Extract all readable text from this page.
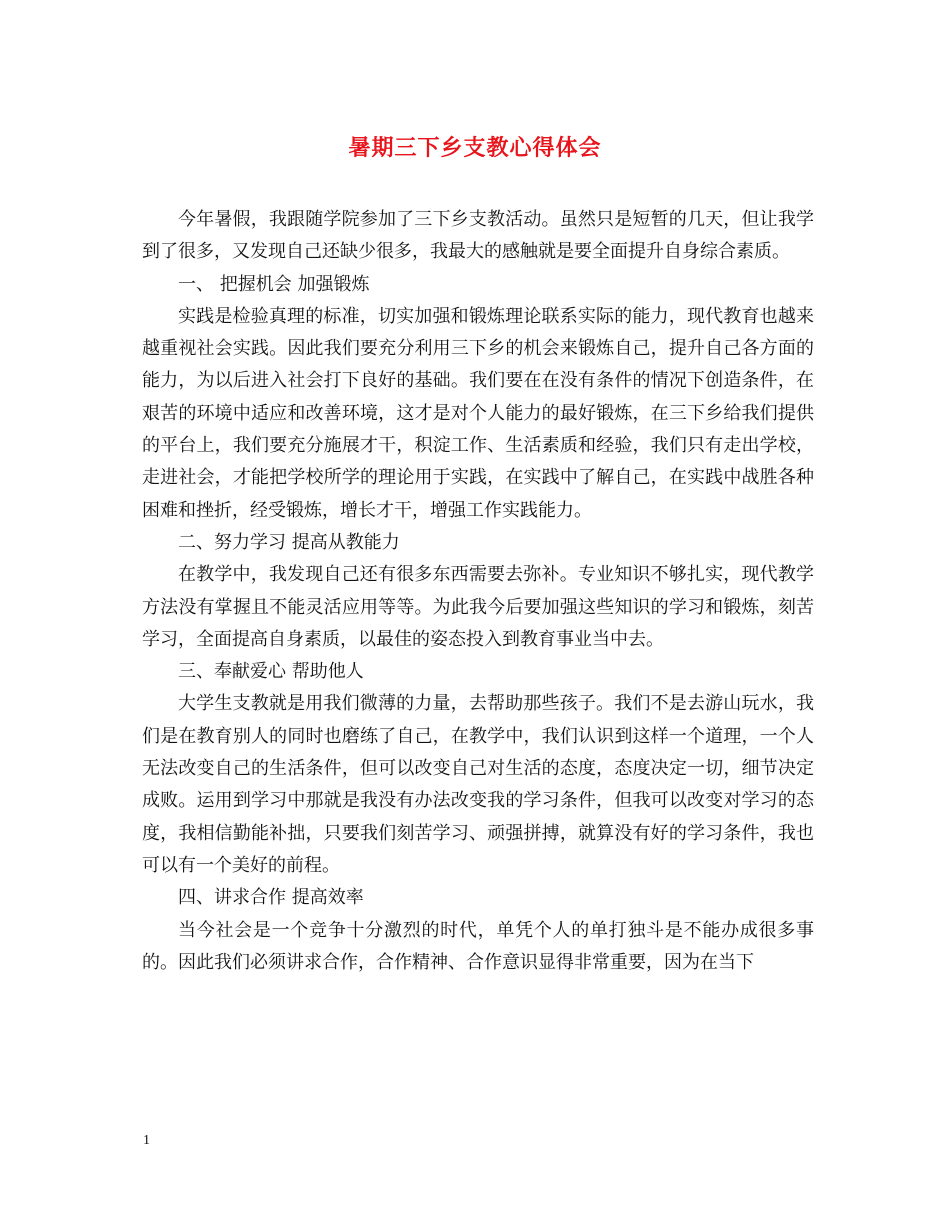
暑期三下乡支教心得体会

今年暑假，我跟随学院参加了三下乡支教活动。虽然只是短暂的几天，但让我学到了很多，又发现自己还缺少很多，我最大的感触就是要全面提升自身综合素质。

一、 把握机会 加强锻炼

实践是检验真理的标准，切实加强和锻炼理论联系实际的能力，现代教育也越来越重视社会实践。因此我们要充分利用三下乡的机会来锻炼自己，提升自己各方面的能力，为以后进入社会打下良好的基础。我们要在在没有条件的情况下创造条件，在艰苦的环境中适应和改善环境，这才是对个人能力的最好锻炼，在三下乡给我们提供的平台上，我们要充分施展才干，积淀工作、生活素质和经验，我们只有走出学校，走进社会，才能把学校所学的理论用于实践，在实践中了解自己，在实践中战胜各种困难和挫折，经受锻炼，增长才干，增强工作实践能力。

二、努力学习 提高从教能力

在教学中，我发现自己还有很多东西需要去弥补。专业知识不够扎实，现代教学方法没有掌握且不能灵活应用等等。为此我今后要加强这些知识的学习和锻炼，刻苦学习，全面提高自身素质，以最佳的姿态投入到教育事业当中去。

三、奉献爱心 帮助他人

大学生支教就是用我们微薄的力量，去帮助那些孩子。我们不是去游山玩水，我们是在教育别人的同时也磨练了自己，在教学中，我们认识到这样一个道理，一个人无法改变自己的生活条件，但可以改变自己对生活的态度，态度决定一切，细节决定成败。运用到学习中那就是我没有办法改变我的学习条件，但我可以改变对学习的态度，我相信勤能补拙，只要我们刻苦学习、顽强拼搏，就算没有好的学习条件，我也可以有一个美好的前程。

四、讲求合作 提高效率

当今社会是一个竞争十分激烈的时代，单凭个人的单打独斗是不能办成很多事的。因此我们必须讲求合作，合作精神、合作意识显得非常重要，因为在当下

1
